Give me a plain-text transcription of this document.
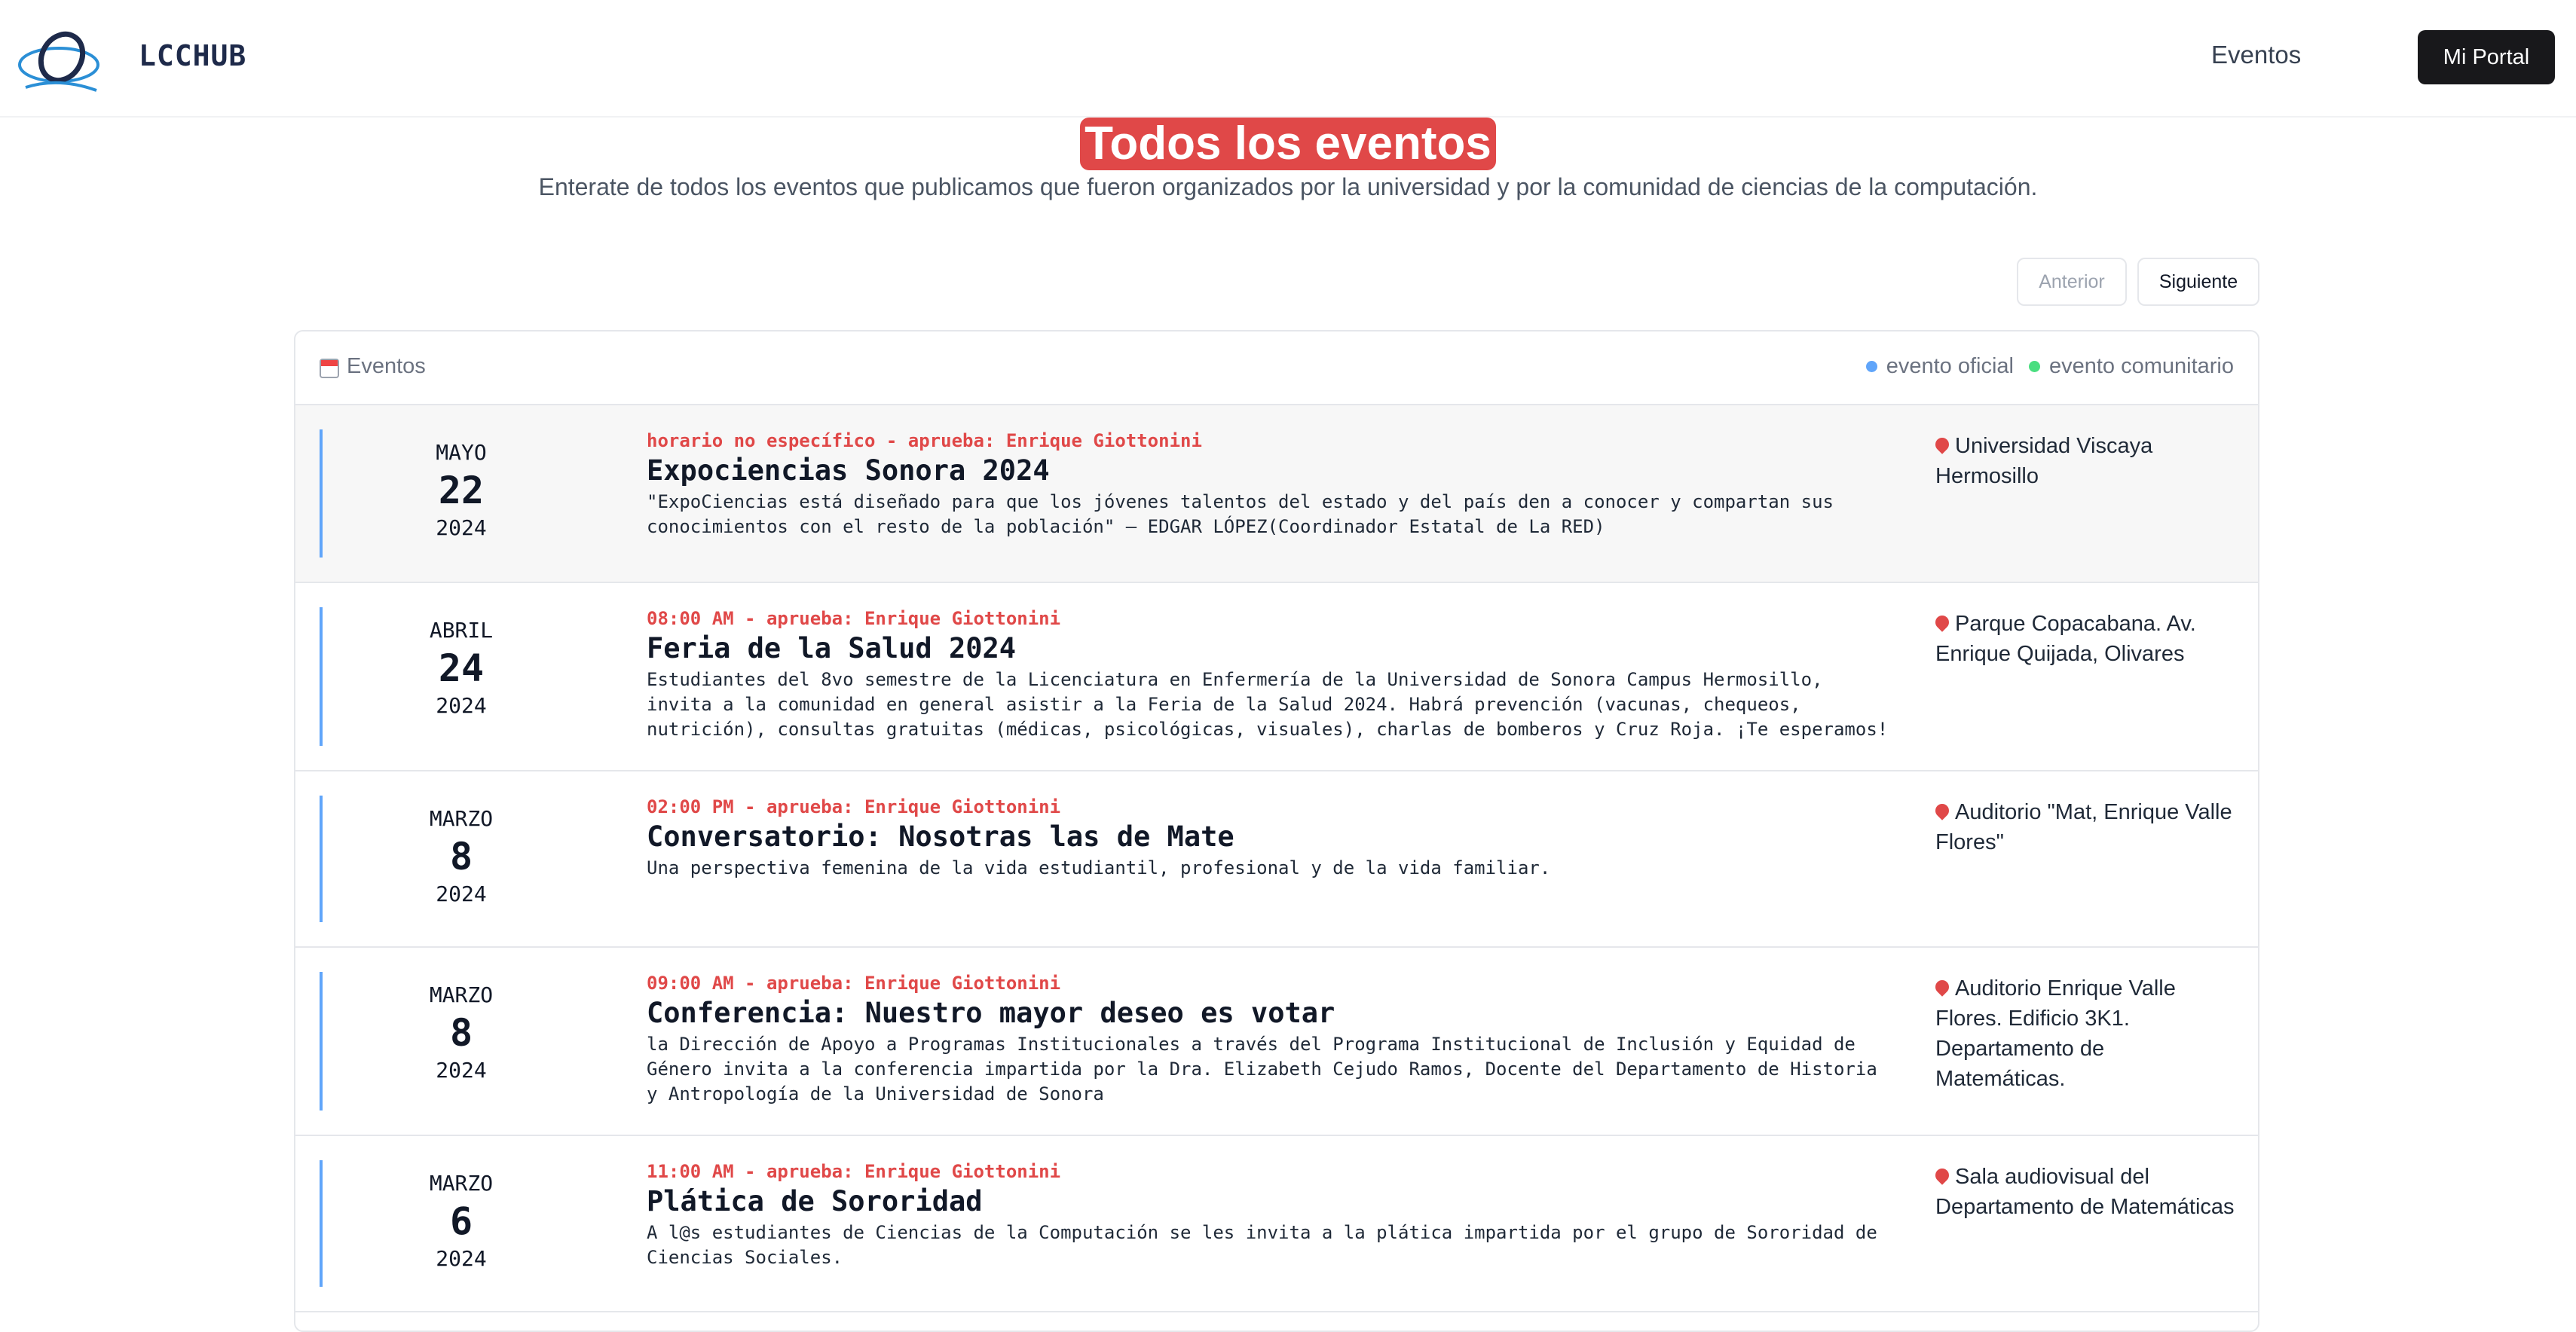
LCCHUB	Eventos	Mi Portal
Todos los eventos
Enterate de todos los eventos que publicamos que fueron organizados por la universidad y por la comunidad de ciencias de la computación.
Anterior	Siguiente
Eventos	evento oficial evento comunitario
MAYO
22
2024
horario no específico - aprueba: Enrique Giottonini
Expociencias Sonora 2024
"ExpoCiencias está diseñado para que los jóvenes talentos del estado y del país den a conocer y compartan sus conocimientos con el resto de la población" – EDGAR LÓPEZ(Coordinador Estatal de La RED)
Universidad Viscaya Hermosillo
ABRIL
24
2024
08:00 AM - aprueba: Enrique Giottonini
Feria de la Salud 2024
Estudiantes del 8vo semestre de la Licenciatura en Enfermería de la Universidad de Sonora Campus Hermosillo, invita a la comunidad en general asistir a la Feria de la Salud 2024. Habrá prevención (vacunas, chequeos, nutrición), consultas gratuitas (médicas, psicológicas, visuales), charlas de bomberos y Cruz Roja. ¡Te esperamos!
Parque Copacabana. Av. Enrique Quijada, Olivares
MARZO
8
2024
02:00 PM - aprueba: Enrique Giottonini
Conversatorio: Nosotras las de Mate
Una perspectiva femenina de la vida estudiantil, profesional y de la vida familiar.
Auditorio "Mat, Enrique Valle Flores"
MARZO
8
2024
09:00 AM - aprueba: Enrique Giottonini
Conferencia: Nuestro mayor deseo es votar
la Dirección de Apoyo a Programas Institucionales a través del Programa Institucional de Inclusión y Equidad de Género invita a la conferencia impartida por la Dra. Elizabeth Cejudo Ramos, Docente del Departamento de Historia y Antropología de la Universidad de Sonora
Auditorio Enrique Valle Flores. Edificio 3K1. Departamento de Matemáticas.
MARZO
6
2024
11:00 AM - aprueba: Enrique Giottonini
Plática de Sororidad
A l@s estudiantes de Ciencias de la Computación se les invita a la plática impartida por el grupo de Sororidad de Ciencias Sociales.
Sala audiovisual del Departamento de Matemáticas
